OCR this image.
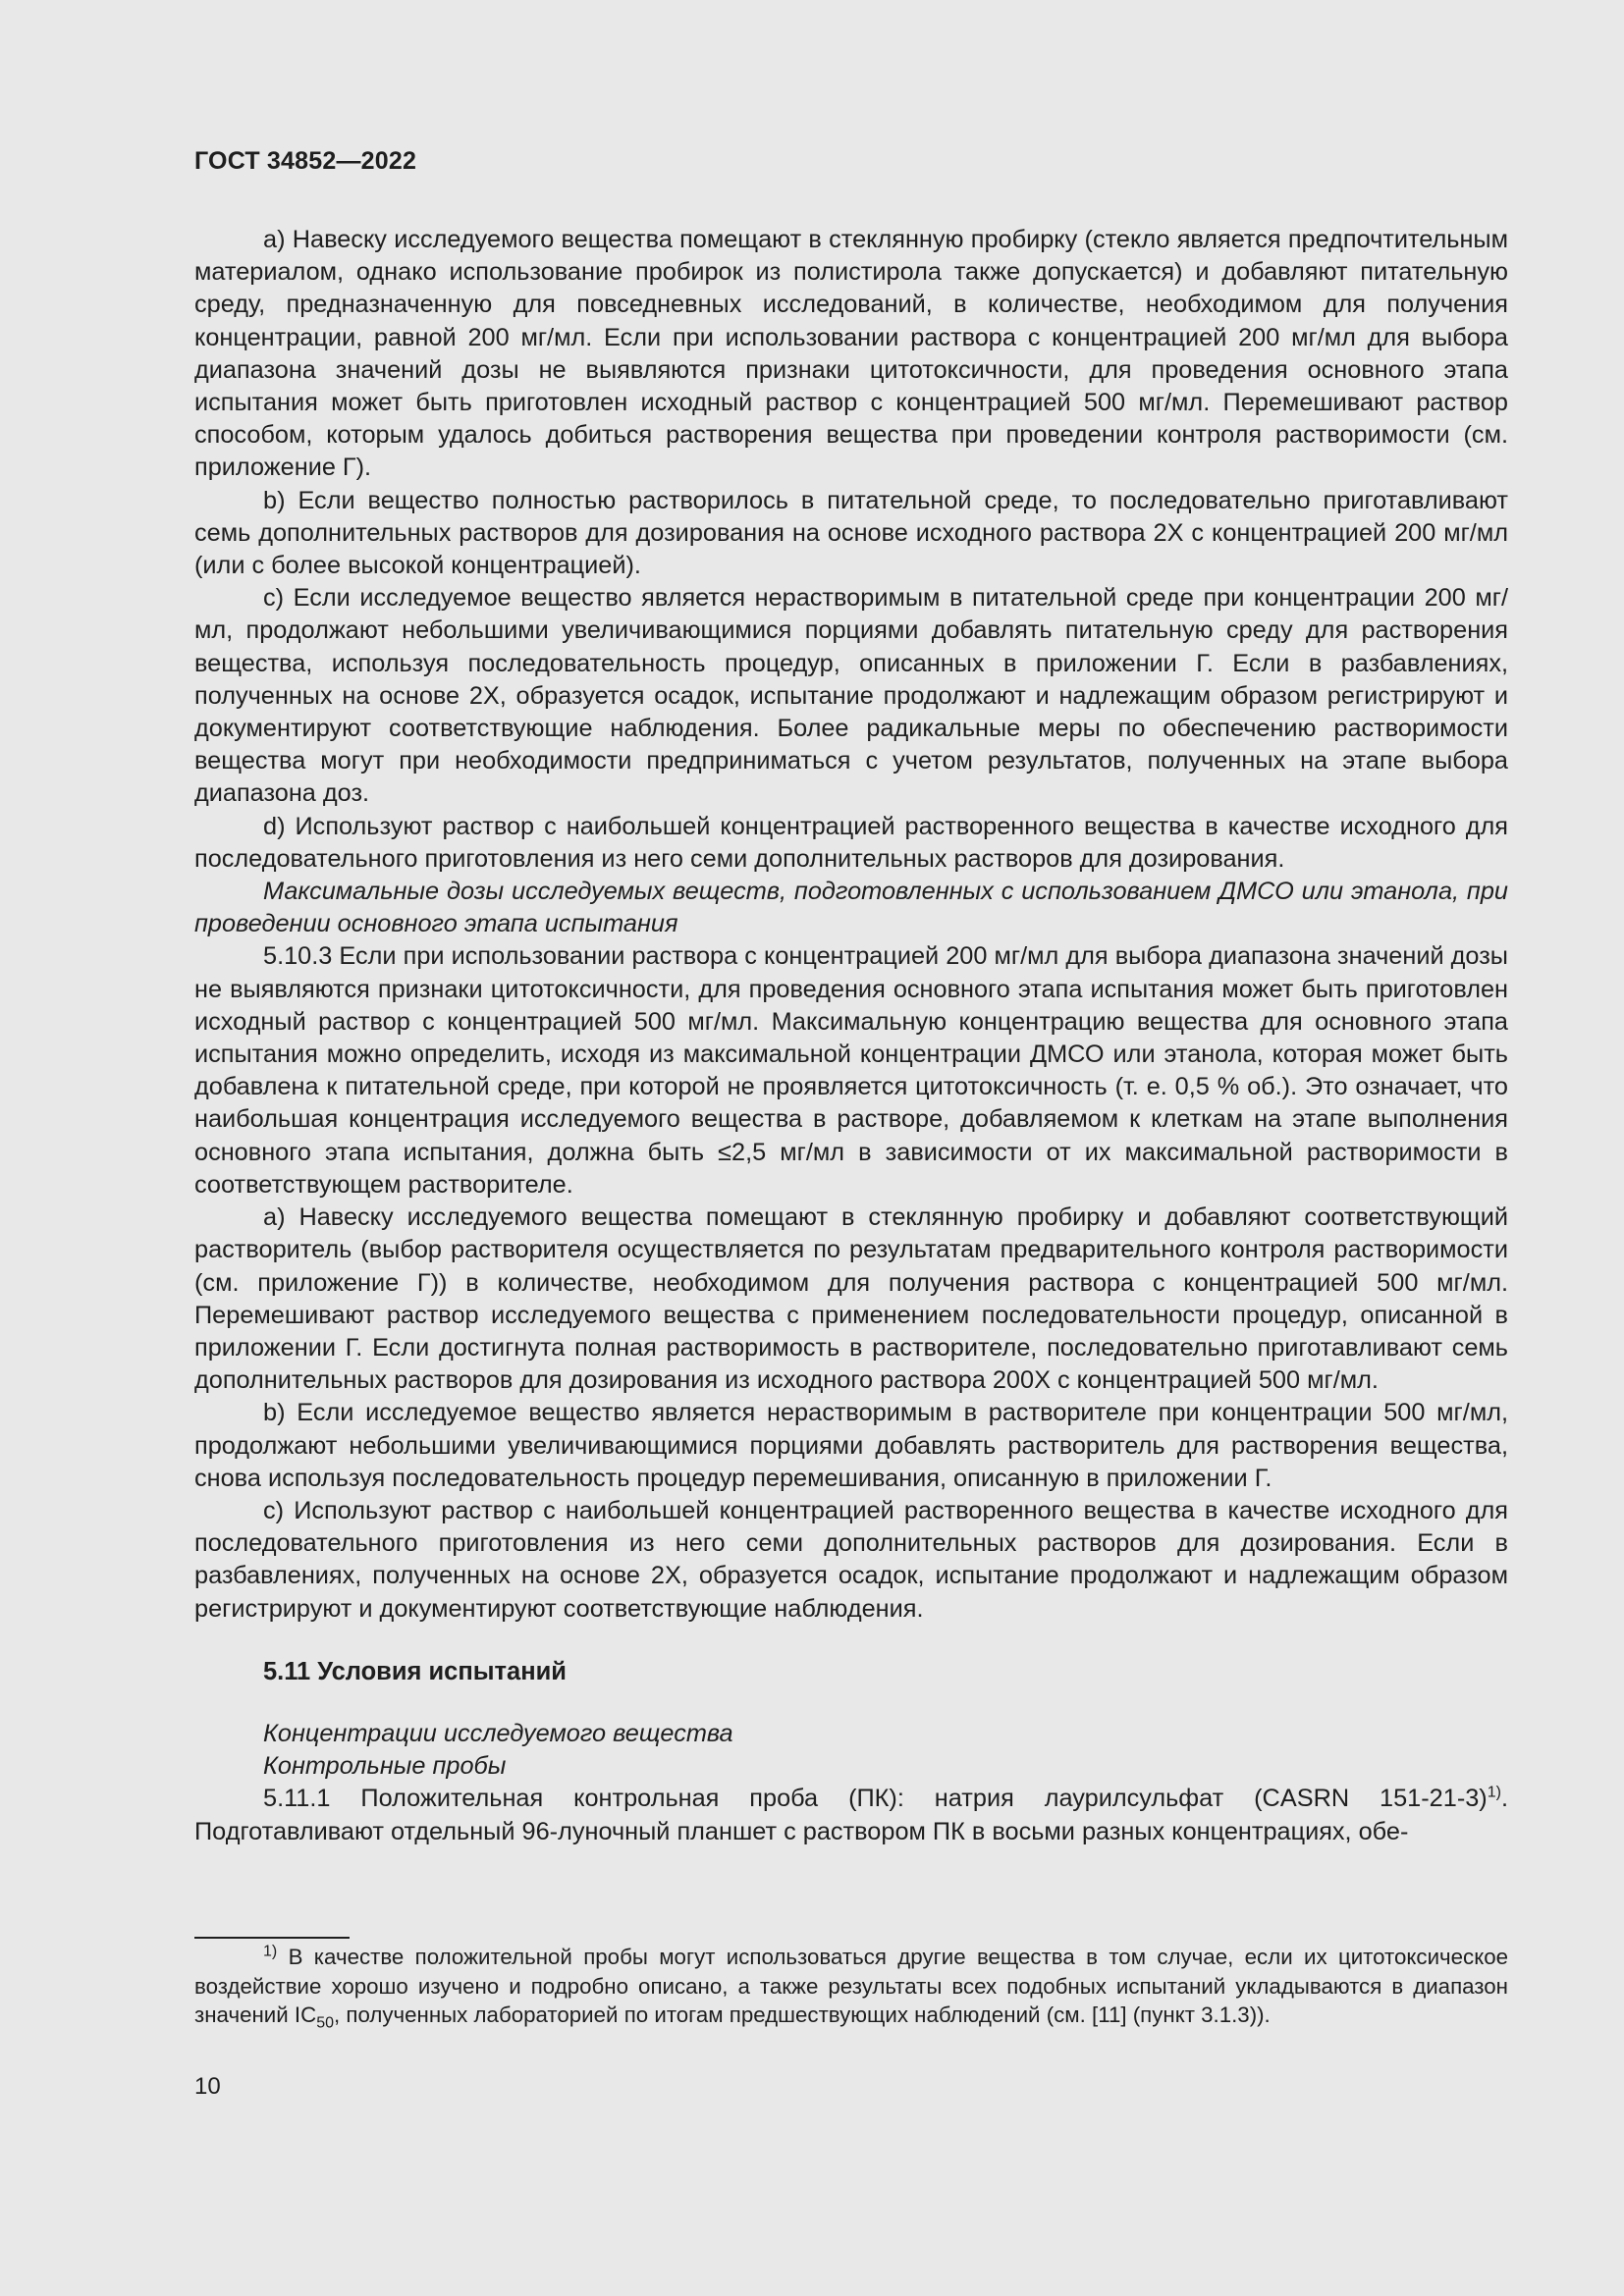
ГОСТ 34852—2022

а) Навеску исследуемого вещества помещают в стеклянную пробирку (стекло является предпочтительным материалом, однако использование пробирок из полистирола также допускается) и добавляют питательную среду, предназначенную для повседневных исследований, в количестве, необходимом для получения концентрации, равной 200 мг/мл. Если при использовании раствора с концентрацией 200 мг/мл для выбора диапазона значений дозы не выявляются признаки цитотоксичности, для проведения основного этапа испытания может быть приготовлен исходный раствор с концентрацией 500 мг/мл. Перемешивают раствор способом, которым удалось добиться растворения вещества при проведении контроля растворимости (см. приложение Г).

b) Если вещество полностью растворилось в питательной среде, то последовательно приготавливают семь дополнительных растворов для дозирования на основе исходного раствора 2Х с концентрацией 200 мг/мл (или с более высокой концентрацией).

c) Если исследуемое вещество является нерастворимым в питательной среде при концентрации 200 мг/мл, продолжают небольшими увеличивающимися порциями добавлять питательную среду для растворения вещества, используя последовательность процедур, описанных в приложении Г. Если в разбавлениях, полученных на основе 2Х, образуется осадок, испытание продолжают и надлежащим образом регистрируют и документируют соответствующие наблюдения. Более радикальные меры по обеспечению растворимости вещества могут при необходимости предприниматься с учетом результатов, полученных на этапе выбора диапазона доз.

d) Используют раствор с наибольшей концентрацией растворенного вещества в качестве исходного для последовательного приготовления из него семи дополнительных растворов для дозирования.

Максимальные дозы исследуемых веществ, подготовленных с использованием ДМСО или этанола, при проведении основного этапа испытания

5.10.3 Если при использовании раствора с концентрацией 200 мг/мл для выбора диапазона значений дозы не выявляются признаки цитотоксичности, для проведения основного этапа испытания может быть приготовлен исходный раствор с концентрацией 500 мг/мл. Максимальную концентрацию вещества для основного этапа испытания можно определить, исходя из максимальной концентрации ДМСО или этанола, которая может быть добавлена к питательной среде, при которой не проявляется цитотоксичность (т. е. 0,5 % об.). Это означает, что наибольшая концентрация исследуемого вещества в растворе, добавляемом к клеткам на этапе выполнения основного этапа испытания, должна быть ≤2,5 мг/мл в зависимости от их максимальной растворимости в соответствующем растворителе.

а) Навеску исследуемого вещества помещают в стеклянную пробирку и добавляют соответствующий растворитель (выбор растворителя осуществляется по результатам предварительного контроля растворимости (см. приложение Г)) в количестве, необходимом для получения раствора с концентрацией 500 мг/мл. Перемешивают раствор исследуемого вещества с применением последовательности процедур, описанной в приложении Г. Если достигнута полная растворимость в растворителе, последовательно приготавливают семь дополнительных растворов для дозирования из исходного раствора 200Х с концентрацией 500 мг/мл.

b) Если исследуемое вещество является нерастворимым в растворителе при концентрации 500 мг/мл, продолжают небольшими увеличивающимися порциями добавлять растворитель для растворения вещества, снова используя последовательность процедур перемешивания, описанную в приложении Г.

c) Используют раствор с наибольшей концентрацией растворенного вещества в качестве исходного для последовательного приготовления из него семи дополнительных растворов для дозирования. Если в разбавлениях, полученных на основе 2Х, образуется осадок, испытание продолжают и надлежащим образом регистрируют и документируют соответствующие наблюдения.

5.11 Условия испытаний

Концентрации исследуемого вещества

Контрольные пробы

5.11.1 Положительная контрольная проба (ПК): натрия лаурилсульфат (CASRN 151-21-3)$^{1)}$. Подготавливают отдельный 96-луночный планшет с раствором ПК в восьми разных концентрациях, обе-

$^{1)}$ В качестве положительной пробы могут использоваться другие вещества в том случае, если их цитотоксическое воздействие хорошо изучено и подробно описано, а также результаты всех подобных испытаний укладываются в диапазон значений $IC_{50}$, полученных лабораторией по итогам предшествующих наблюдений (см. [11] (пункт 3.1.3)).

10
